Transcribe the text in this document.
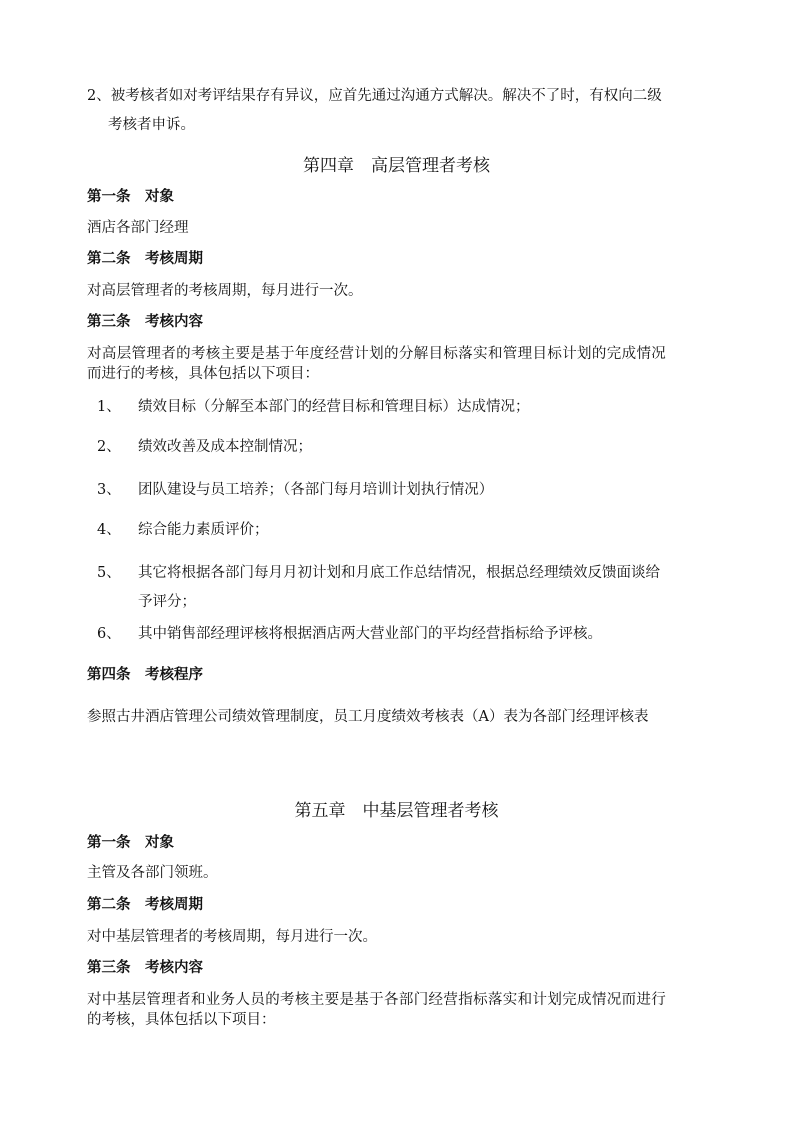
2、被考核者如对考评结果存有异议，应首先通过沟通方式解决。解决不了时，有权向二级
考核者申诉。
第四章　高层管理者考核
第一条　对象
酒店各部门经理
第二条　考核周期
对高层管理者的考核周期，每月进行一次。
第三条　考核内容
对高层管理者的考核主要是基于年度经营计划的分解目标落实和管理目标计划的完成情况
而进行的考核，具体包括以下项目：
1、 绩效目标（分解至本部门的经营目标和管理目标）达成情况；
2、 绩效改善及成本控制情况；
3、 团队建设与员工培养；（各部门每月培训计划执行情况）
4、 综合能力素质评价；
5、 其它将根据各部门每月月初计划和月底工作总结情况，根据总经理绩效反馈面谈给
予评分；
6、 其中销售部经理评核将根据酒店两大营业部门的平均经营指标给予评核。
第四条　考核程序
参照古井酒店管理公司绩效管理制度，员工月度绩效考核表（A）表为各部门经理评核表
第五章　中基层管理者考核
第一条　对象
主管及各部门领班。
第二条　考核周期
对中基层管理者的考核周期，每月进行一次。
第三条　考核内容
对中基层管理者和业务人员的考核主要是基于各部门经营指标落实和计划完成情况而进行
的考核，具体包括以下项目：
